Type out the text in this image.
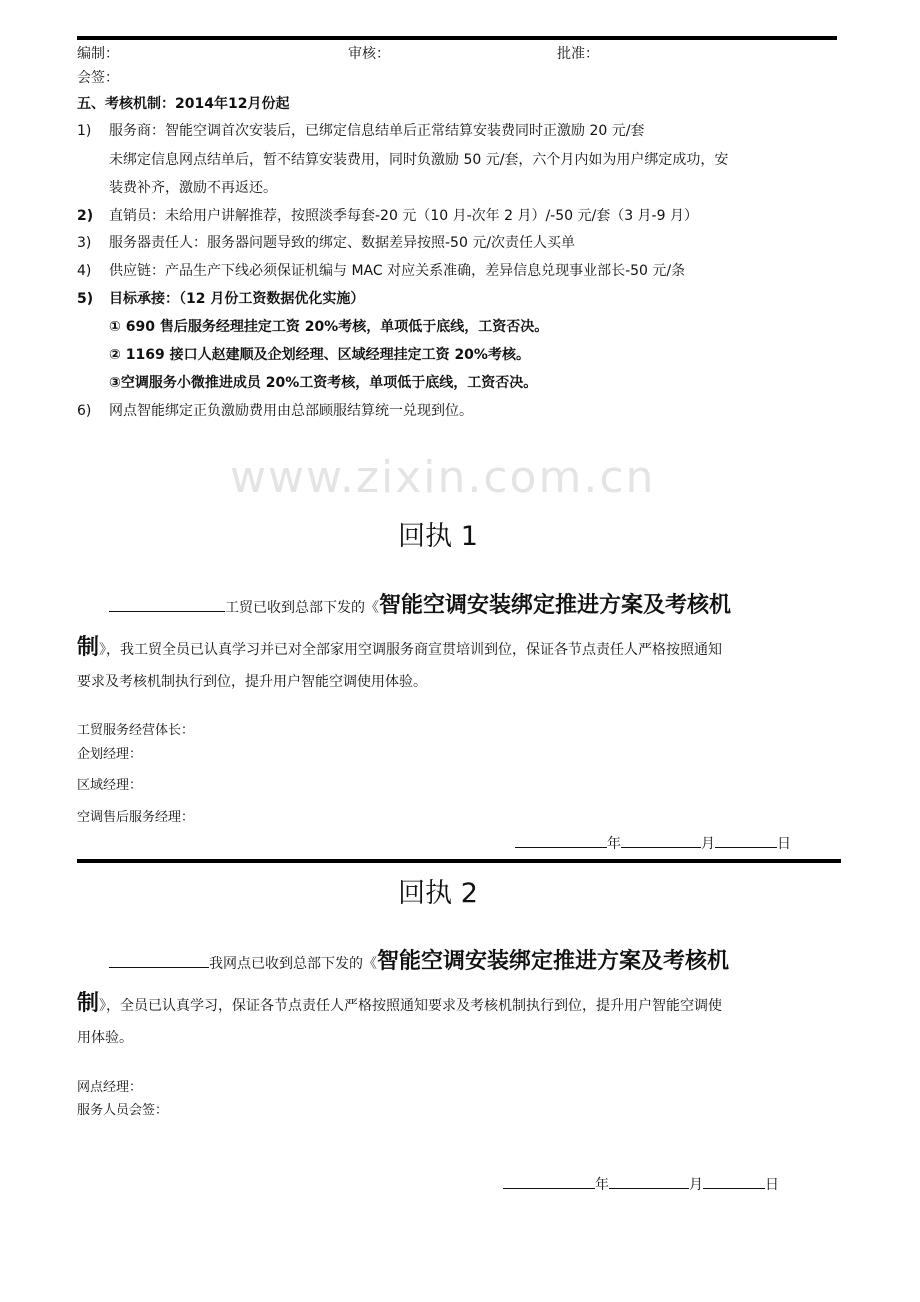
www.zixin.com.cn
编制：	审核：	批准：
会签：
五、考核机制：2014年12月份起
1) 服务商：智能空调首次安装后，已绑定信息结单后正常结算安装费同时正激励 20 元/套
未绑定信息网点结单后，暂不结算安装费用，同时负激励 50 元/套，六个月内如为用户绑定成功，安
装费补齐，激励不再返还。
2) 直销员：未给用户讲解推荐，按照淡季每套-20 元（10 月-次年 2 月）/-50 元/套（3 月-9 月）
3) 服务器责任人：服务器问题导致的绑定、数据差异按照-50 元/次责任人买单
4) 供应链：产品生产下线必须保证机编与 MAC 对应关系准确，差异信息兑现事业部长-50 元/条
5) 目标承接：（12 月份工资数据优化实施）
① 690 售后服务经理挂定工资 20%考核，单项低于底线，工资否决。
② 1169 接口人赵建顺及企划经理、区域经理挂定工资 20%考核。
③空调服务小微推进成员 20%工资考核，单项低于底线，工资否决。
6) 网点智能绑定正负激励费用由总部顾服结算统一兑现到位。
回执 1
工贸已收到总部下发的《智能空调安装绑定推进方案及考核机
制》，我工贸全员已认真学习并已对全部家用空调服务商宣贯培训到位，保证各节点责任人严格按照通知
要求及考核机制执行到位，提升用户智能空调使用体验。
工贸服务经营体长：
企划经理：
区域经理：
空调售后服务经理：
年	月	日
回执 2
我网点已收到总部下发的《智能空调安装绑定推进方案及考核机
制》，全员已认真学习，保证各节点责任人严格按照通知要求及考核机制执行到位，提升用户智能空调使
用体验。
网点经理：
服务人员会签：
年	月	日
